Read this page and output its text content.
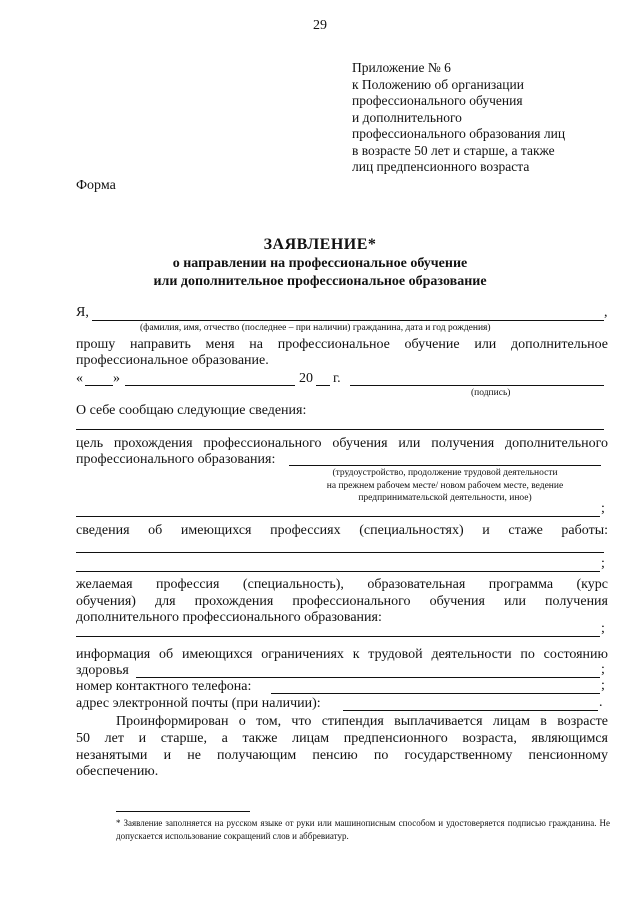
29
Приложение № 6
к Положению об организации
профессионального обучения
и дополнительного
профессионального образования лиц
в возрасте 50 лет и старше, а также
лиц предпенсионного возраста
Форма
ЗАЯВЛЕНИЕ*
о направлении на профессиональное обучение
или дополнительное профессиональное образование
Я,	,
(фамилия, имя, отчество (последнее – при наличии) гражданина, дата и год рождения)
прошу направить меня на профессиональное обучение или дополнительное
профессиональное образование.
« »	20 г.
(подпись)
О себе сообщаю следующие сведения:
цель прохождения профессионального обучения или получения дополнительного
профессионального образования:
(трудоустройство, продолжение трудовой деятельности
на прежнем рабочем месте/ новом рабочем месте, ведение
предпринимательской деятельности, иное)
;
сведения об имеющихся профессиях (специальностях) и стаже работы:
;
желаемая профессия (специальность), образовательная программа (курс
обучения) для прохождения профессионального обучения или получения
дополнительного профессионального образования:
;
информация об имеющихся ограничениях к трудовой деятельности по состоянию
здоровья	;
номер контактного телефона:	;
адрес электронной почты (при наличии):	.
Проинформирован о том, что стипендия выплачивается лицам в возрасте
50 лет и старше, а также лицам предпенсионного возраста, являющимся
незанятыми и не получающим пенсию по государственному пенсионному
обеспечению.
* Заявление заполняется на русском языке от руки или машинописным способом и удостоверяется подписью гражданина. Не допускается использование сокращений слов и аббревиатур.
